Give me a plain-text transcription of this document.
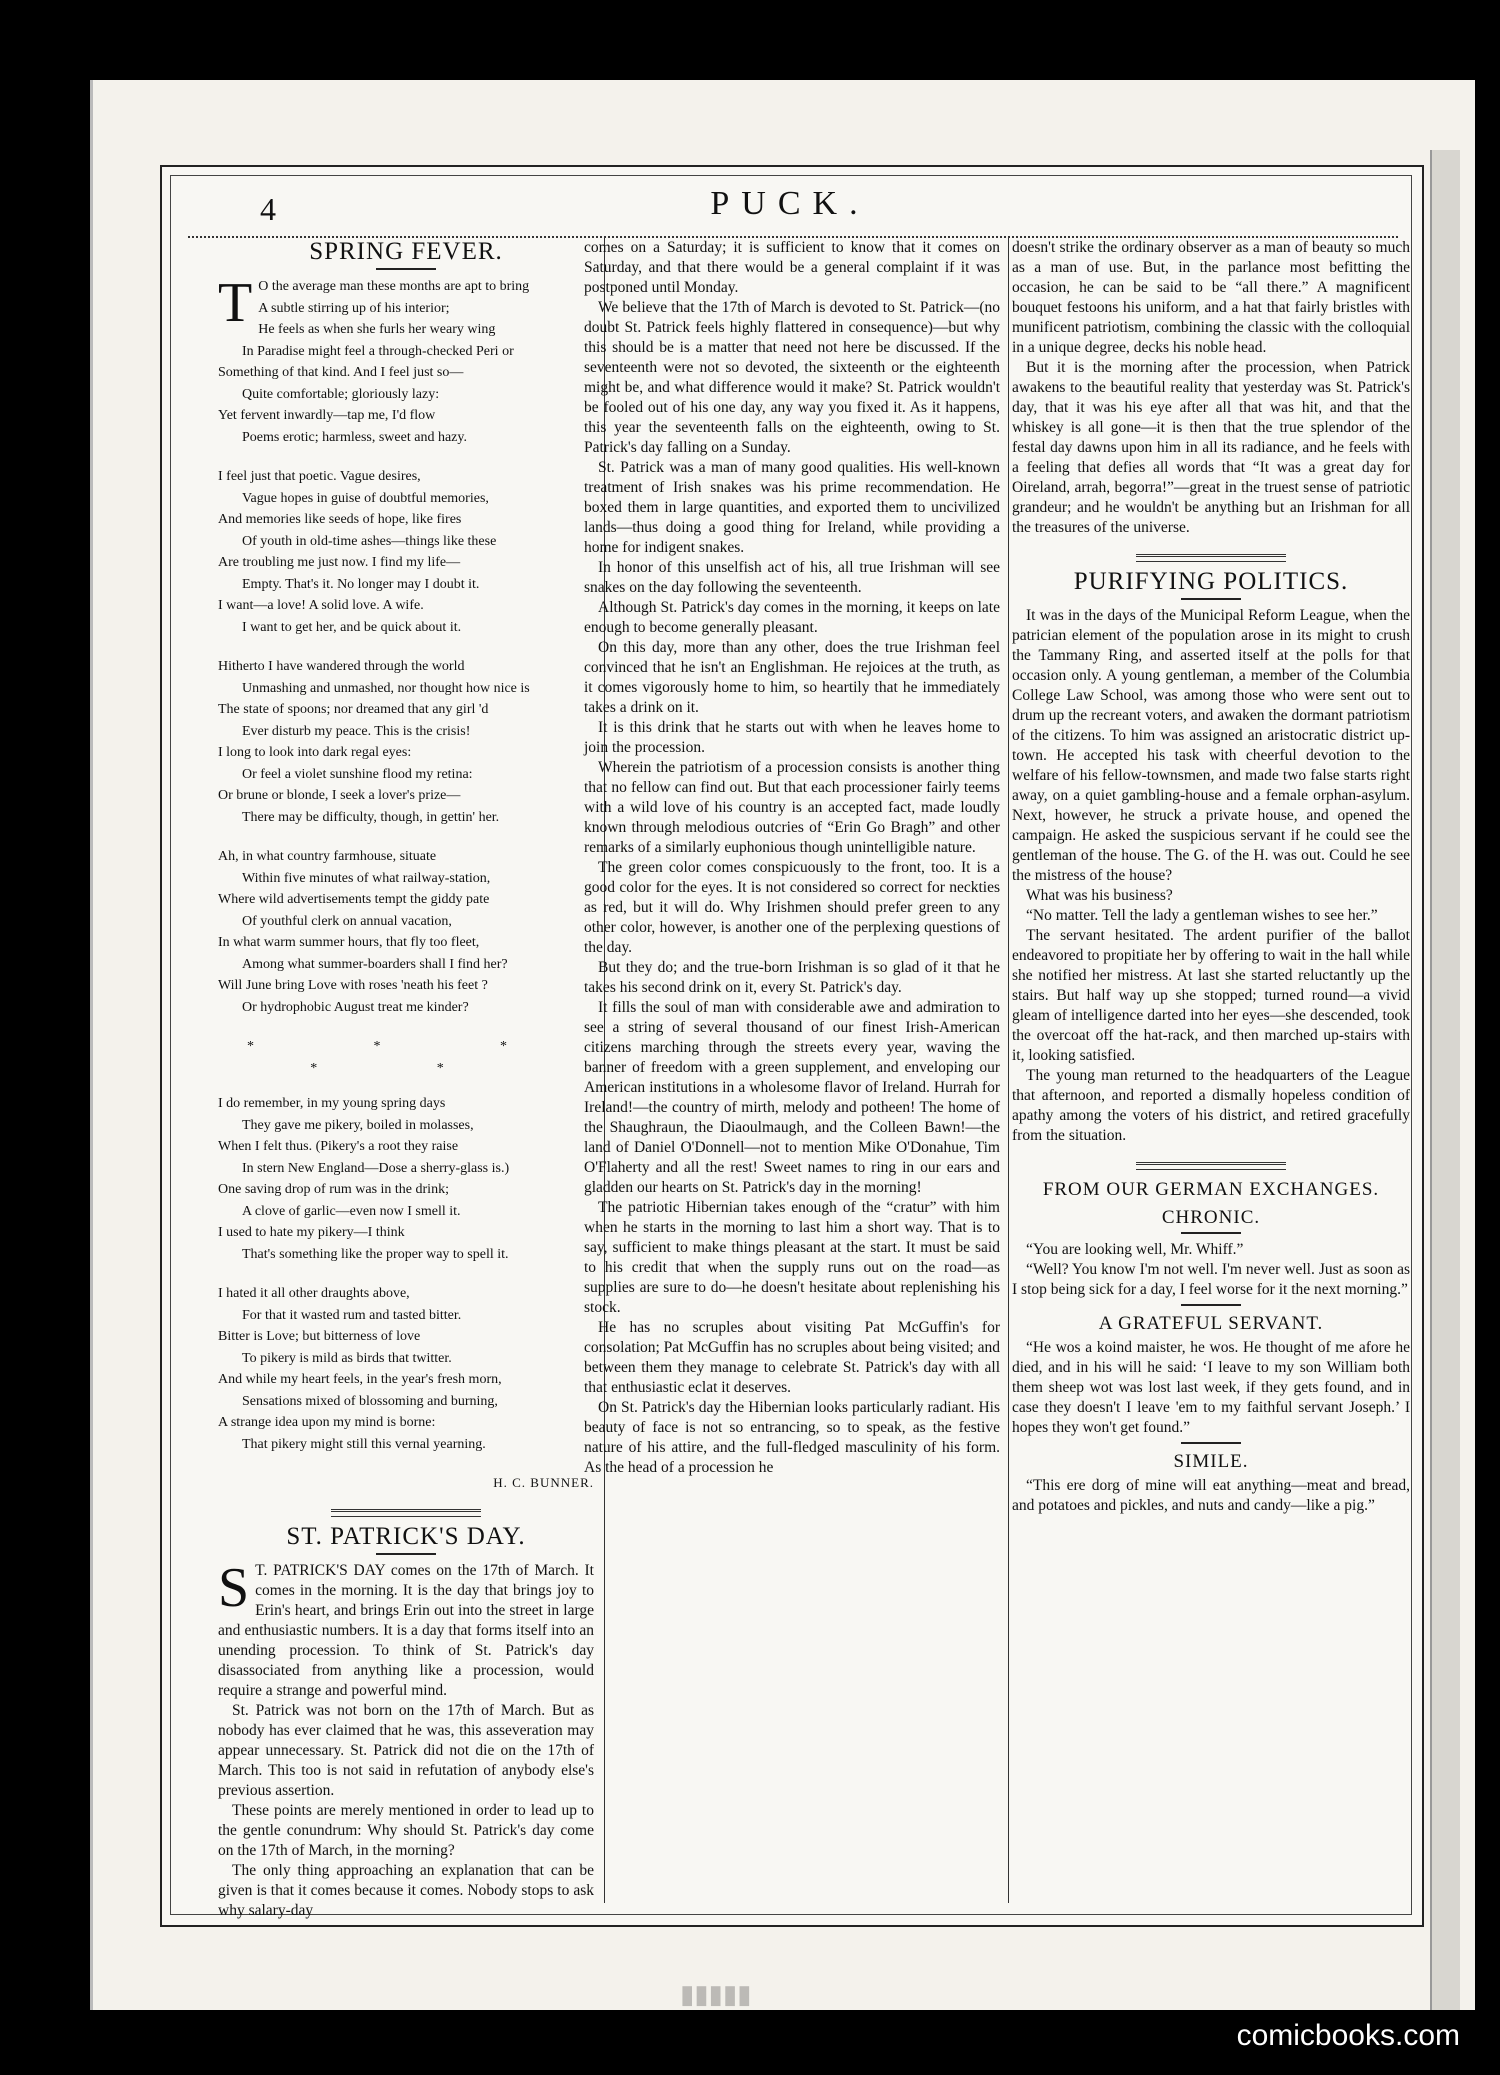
4	PUCK.
SPRING FEVER.
T O the average man these months are apt to bring
A subtle stirring up of his interior;
He feels as when she furls her weary wing
In Paradise might feel a through-checked Peri or
Something of that kind. And I feel just so—
Quite comfortable; gloriously lazy:
Yet fervent inwardly—tap me, I'd flow
Poems erotic; harmless, sweet and hazy.
I feel just that poetic. Vague desires,
Vague hopes in guise of doubtful memories,
And memories like seeds of hope, like fires
Of youth in old-time ashes—things like these
Are troubling me just now. I find my life—
Empty. That's it. No longer may I doubt it.
I want—a love! A solid love. A wife.
I want to get her, and be quick about it.
Hitherto I have wandered through the world
Unmashing and unmashed, nor thought how nice is
The state of spoons; nor dreamed that any girl 'd
Ever disturb my peace. This is the crisis!
I long to look into dark regal eyes:
Or feel a violet sunshine flood my retina:
Or brune or blonde, I seek a lover's prize—
There may be difficulty, though, in gettin' her.
Ah, in what country farmhouse, situate
Within five minutes of what railway-station,
Where wild advertisements tempt the giddy pate
Of youthful clerk on annual vacation,
In what warm summer hours, that fly too fleet,
Among what summer-boarders shall I find her?
Will June bring Love with roses 'neath his feet ?
Or hydrophobic August treat me kinder?
* * * * *
I do remember, in my young spring days
They gave me pikery, boiled in molasses,
When I felt thus. (Pikery's a root they raise
In stern New England—Dose a sherry-glass is.)
One saving drop of rum was in the drink;
A clove of garlic—even now I smell it.
I used to hate my pikery—I think
That's something like the proper way to spell it.
I hated it all other draughts above,
For that it wasted rum and tasted bitter.
Bitter is Love; but bitterness of love
To pikery is mild as birds that twitter.
And while my heart feels, in the year's fresh morn,
Sensations mixed of blossoming and burning,
A strange idea upon my mind is borne:
That pikery might still this vernal yearning.
H. C. BUNNER.
ST. PATRICK'S DAY.
S T. PATRICK'S DAY comes on the 17th of March. It comes in the morning. It is the day that brings joy to Erin's heart, and brings Erin out into the street in large and enthusiastic numbers. It is a day that forms itself into an unending procession. To think of St. Patrick's day disassociated from anything like a procession, would require a strange and powerful mind.

St. Patrick was not born on the 17th of March. But as nobody has ever claimed that he was, this asseveration may appear unnecessary. St. Patrick did not die on the 17th of March. This too is not said in refutation of anybody else's previous assertion.

These points are merely mentioned in order to lead up to the gentle conundrum: Why should St. Patrick's day come on the 17th of March, in the morning?

The only thing approaching an explanation that can be given is that it comes because it comes. Nobody stops to ask why salary-day

comes on a Saturday; it is sufficient to know that it comes on Saturday, and that there would be a general complaint if it was postponed until Monday.

We believe that the 17th of March is devoted to St. Patrick—(no doubt St. Patrick feels highly flattered in consequence)—but why this should be is a matter that need not here be discussed. If the seventeenth were not so devoted, the sixteenth or the eighteenth might be, and what difference would it make? St. Patrick wouldn't be fooled out of his one day, any way you fixed it. As it happens, this year the seventeenth falls on the eighteenth, owing to St. Patrick's day falling on a Sunday.

St. Patrick was a man of many good qualities. His well-known treatment of Irish snakes was his prime recommendation. He boxed them in large quantities, and exported them to uncivilized lands—thus doing a good thing for Ireland, while providing a home for indigent snakes.

In honor of this unselfish act of his, all true Irishman will see snakes on the day following the seventeenth.

Although St. Patrick's day comes in the morning, it keeps on late enough to become generally pleasant.

On this day, more than any other, does the true Irishman feel convinced that he isn't an Englishman. He rejoices at the truth, as it comes vigorously home to him, so heartily that he immediately takes a drink on it.

It is this drink that he starts out with when he leaves home to join the procession.

Wherein the patriotism of a procession consists is another thing that no fellow can find out. But that each processioner fairly teems with a wild love of his country is an accepted fact, made loudly known through melodious outcries of “Erin Go Bragh” and other remarks of a similarly euphonious though unintelligible nature.

The green color comes conspicuously to the front, too. It is a good color for the eyes. It is not considered so correct for neckties as red, but it will do. Why Irishmen should prefer green to any other color, however, is another one of the perplexing questions of the day.

But they do; and the true-born Irishman is so glad of it that he takes his second drink on it, every St. Patrick's day.

It fills the soul of man with considerable awe and admiration to see a string of several thousand of our finest Irish-American citizens marching through the streets every year, waving the banner of freedom with a green supplement, and enveloping our American institutions in a wholesome flavor of Ireland. Hurrah for Ireland!—the country of mirth, melody and potheen! The home of the Shaughraun, the Diaoulmaugh, and the Colleen Bawn!—the land of Daniel O'Donnell—not to mention Mike O'Donahue, Tim O'Flaherty and all the rest! Sweet names to ring in our ears and gladden our hearts on St. Patrick's day in the morning!

The patriotic Hibernian takes enough of the “cratur” with him when he starts in the morning to last him a short way. That is to say, sufficient to make things pleasant at the start. It must be said to his credit that when the supply runs out on the road—as supplies are sure to do—he doesn't hesitate about replenishing his stock.

He has no scruples about visiting Pat McGuffin's for consolation; Pat McGuffin has no scruples about being visited; and between them they manage to celebrate St. Patrick's day with all that enthusiastic eclat it deserves.

On St. Patrick's day the Hibernian looks particularly radiant. His beauty of face is not so entrancing, so to speak, as the festive nature of his attire, and the full-fledged masculinity of his form. As the head of a procession he

doesn't strike the ordinary observer as a man of beauty so much as a man of use. But, in the parlance most befitting the occasion, he can be said to be “all there.” A magnificent bouquet festoons his uniform, and a hat that fairly bristles with munificent patriotism, combining the classic with the colloquial in a unique degree, decks his noble head.

But it is the morning after the procession, when Patrick awakens to the beautiful reality that yesterday was St. Patrick's day, that it was his eye after all that was hit, and that the whiskey is all gone—it is then that the true splendor of the festal day dawns upon him in all its radiance, and he feels with a feeling that defies all words that “It was a great day for Oireland, arrah, begorra!”—great in the truest sense of patriotic grandeur; and he wouldn't be anything but an Irishman for all the treasures of the universe.

PURIFYING POLITICS.

It was in the days of the Municipal Reform League, when the patrician element of the population arose in its might to crush the Tammany Ring, and asserted itself at the polls for that occasion only. A young gentleman, a member of the Columbia College Law School, was among those who were sent out to drum up the recreant voters, and awaken the dormant patriotism of the citizens. To him was assigned an aristocratic district up-town. He accepted his task with cheerful devotion to the welfare of his fellow-townsmen, and made two false starts right away, on a quiet gambling-house and a female orphan-asylum. Next, however, he struck a private house, and opened the campaign. He asked the suspicious servant if he could see the gentleman of the house. The G. of the H. was out. Could he see the mistress of the house?

What was his business?

“No matter. Tell the lady a gentleman wishes to see her.”

The servant hesitated. The ardent purifier of the ballot endeavored to propitiate her by offering to wait in the hall while she notified her mistress. At last she started reluctantly up the stairs. But half way up she stopped; turned round—a vivid gleam of intelligence darted into her eyes—she descended, took the overcoat off the hat-rack, and then marched up-stairs with it, looking satisfied.

The young man returned to the headquarters of the League that afternoon, and reported a dismally hopeless condition of apathy among the voters of his district, and retired gracefully from the situation.

FROM OUR GERMAN EXCHANGES.
CHRONIC.

“You are looking well, Mr. Whiff.”

“Well? You know I'm not well. I'm never well. Just as soon as I stop being sick for a day, I feel worse for it the next morning.”

A GRATEFUL SERVANT.

“He wos a koind maister, he wos. He thought of me afore he died, and in his will he said: ‘I leave to my son William both them sheep wot was lost last week, if they gets found, and in case they doesn't I leave 'em to my faithful servant Joseph.’ I hopes they won't get found.”

SIMILE.

“This ere dorg of mine will eat anything—meat and bread, and potatoes and pickles, and nuts and candy—like a pig.”

▮▮▮▮▮
comicbooks.com
